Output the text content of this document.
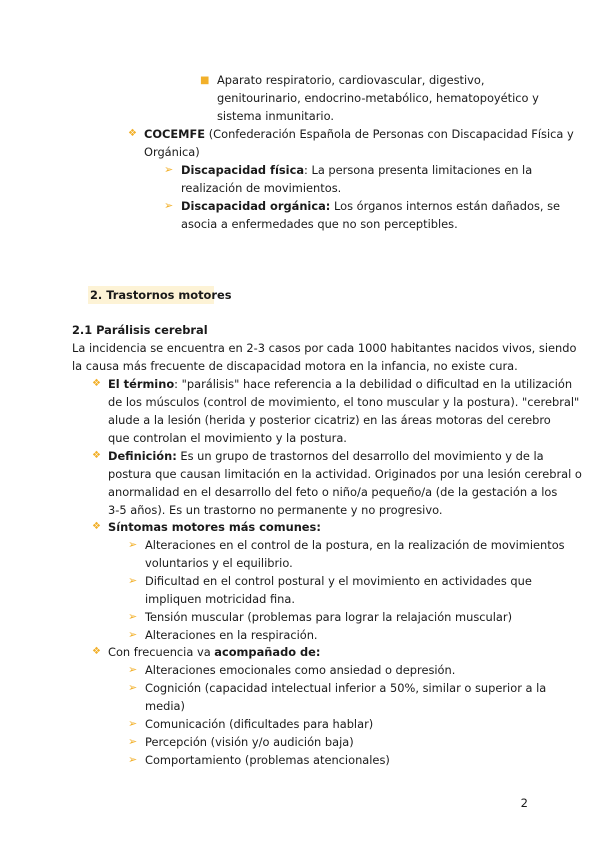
■ Aparato respiratorio, cardiovascular, digestivo,
genitourinario, endocrino-metabólico, hematopoyético y
sistema inmunitario.
❖ COCEMFE (Confederación Española de Personas con Discapacidad Física y
Orgánica)
➢ Discapacidad física: La persona presenta limitaciones en la
realización de movimientos.
➢ Discapacidad orgánica: Los órganos internos están dañados, se
asocia a enfermedades que no son perceptibles.
2. Trastornos motores
2.1 Parálisis cerebral
La incidencia se encuentra en 2-3 casos por cada 1000 habitantes nacidos vivos, siendo
la causa más frecuente de discapacidad motora en la infancia, no existe cura.
❖ El término: "parálisis" hace referencia a la debilidad o dificultad en la utilización
de los músculos (control de movimiento, el tono muscular y la postura). "cerebral"
alude a la lesión (herida y posterior cicatriz) en las áreas motoras del cerebro
que controlan el movimiento y la postura.
❖ Definición: Es un grupo de trastornos del desarrollo del movimiento y de la
postura que causan limitación en la actividad. Originados por una lesión cerebral o
anormalidad en el desarrollo del feto o niño/a pequeño/a (de la gestación a los
3-5 años). Es un trastorno no permanente y no progresivo.
❖ Síntomas motores más comunes:
➢ Alteraciones en el control de la postura, en la realización de movimientos
voluntarios y el equilibrio.
➢ Dificultad en el control postural y el movimiento en actividades que
impliquen motricidad fina.
➢ Tensión muscular (problemas para lograr la relajación muscular)
➢ Alteraciones en la respiración.
❖ Con frecuencia va acompañado de:
➢ Alteraciones emocionales como ansiedad o depresión.
➢ Cognición (capacidad intelectual inferior a 50%, similar o superior a la
media)
➢ Comunicación (dificultades para hablar)
➢ Percepción (visión y/o audición baja)
➢ Comportamiento (problemas atencionales)
2
